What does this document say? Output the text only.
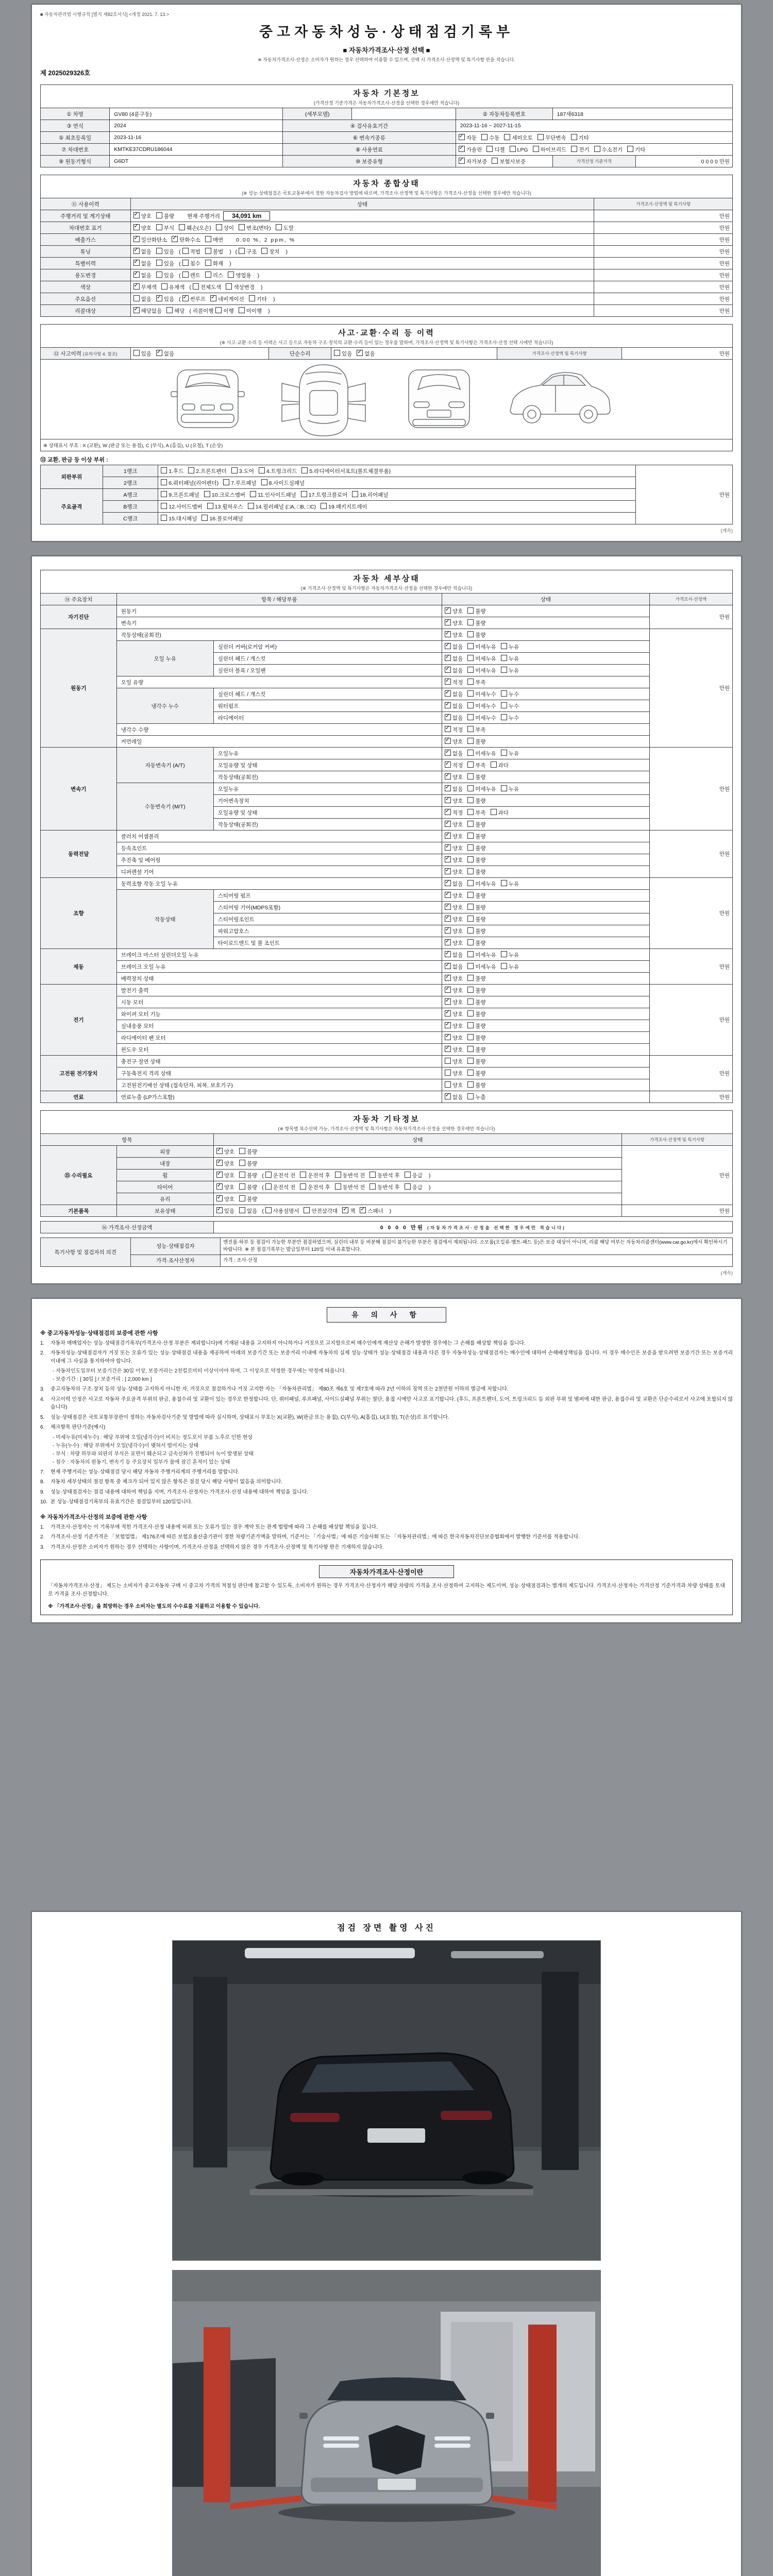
■ 자동차관리법 시행규칙 [별지 제82호서식] <개정 2021. 7. 13.>
중고자동차성능·상태점검기록부
■ 자동차가격조사·산정 선택 ■
※ 자동차가격조사·산정은 소비자가 원하는 경우 선택하여 이용할 수 있으며, 선택 시 가격조사·산정액 및 특기사항 란을 적습니다.
제 2025029326호
자동차 기본정보
(가격산정 기준가격은 자동차가격조사·산정을 선택한 경우에만 적습니다)
① 차명	GV80 (4륜구동)	(세부모델)		② 자동차등록번호	187새6318	
③ 연식	2024	④ 검사유효기간		2023-11-16 ~ 2027-11-15		
⑤ 최초등록일	2023-11-16	⑥ 변속기종류	✓자동 수동 세미오토 무단변속 기타
⑦ 차대번호	KMTKE37CDRU186044	⑧ 사용연료	✓가솔린 디젤 LPG 하이브리드 전기 수소전기 기타
⑨ 원동기형식	G6DT	⑩ 보증유형	✓자가보증 보험사보증	가격산정 기준가격	0 0 0 0 만원
자동차 종합상태
(※ 성능·상태점검은 국토교통부에서 정한 자동차검사 방법에 따르며, 가격조사·산정액 및 특기사항은 가격조사·산정을 선택한 경우에만 적습니다)
⑪ 사용이력	상태	가격조사·산정액 및 특기사항
주행거리 및 계기상태	✓양호 불량 현재 주행거리 34,091 km	만원
차대번호 표기	✓양호 부식 훼손(오손) 상이 변조(변타) 도말	만원
배출가스	✓일산화탄소 ✓ 탄화수소 매연 0.00 %, 2 ppm, %	만원
튜닝	✓없음 있음 ( 적법 불법 ) ( 구조 장치 )	만원
특별이력	✓없음 있음 ( 침수 화재 )	만원
용도변경	✓없음 있음 ( 렌트 리스 영업용 )	만원
색상	✓무채색 유채색 ( 전체도색 색상변경 )	만원
주요옵션	없음 ✓ 있음 ( ✓썬루프 ✓ 네비게이션 기타 )	만원
리콜대상	✓해당없음 해당 ( 리콜이행 이행 미이행 )	만원
사고·교환·수리 등 이력
(※ 사고·교환·수리 등 이력은 사고 등으로 자동차 구조·장치의 교환·수리 등이 있는 경우를 말하며, 가격조사·산정액 및 특기사항은 가격조사·산정 선택 시에만 적습니다)
⑫ 사고이력 (유의사항 4. 참조)	있음 ✓ 없음	단순수리	있음 ✓ 없음	가격조사·산정액 및 특기사항	만원

※ 상태표시 부호 : X (교환), W (판금 또는 용접), C (부식), A (흠집), U (요철), T (손상)
⑬ 교환, 판금 등 이상 부위 :
외판부위	1랭크	1.후드 2.프론트펜더 3.도어 4.트렁크리드 5.라디에이터서포트(볼트체결부품)	만원
	2랭크	6.쿼터패널(리어펜더) 7.루프패널 8.사이드실패널	
주요골격	A랭크	9.프론트패널 10.크로스멤버 11.인사이드패널 17.트렁크플로어 18.리어패널	
	B랭크	12.사이드멤버 13.휠하우스 14.필러패널 (□A, □B, □C) 19.패키지트레이	
	C랭크	15.대시패널 16.플로어패널	
(계속)
자동차 세부상태
(※ 가격조사·산정액 및 특기사항은 자동차가격조사·산정을 선택한 경우에만 적습니다)
⑭ 주요장치	항목 / 해당부품		상태	가격조사·산정액
자기진단	원동기	✓양호 불량	만원
	변속기	✓양호 불량
원동기	작동상태(공회전)	✓양호 불량	만원
	오일 누유	실린더 커버(로커암 커버)	✓없음 미세누유 누유
		실린더 헤드 / 개스킷	✓없음 미세누유 누유
		실린더 블록 / 오일팬	✓없음 미세누유 누유
	오일 유량	✓적정 부족
	냉각수 누수	실린더 헤드 / 개스킷	✓없음 미세누수 누수
		워터펌프	✓없음 미세누수 누수
		라디에이터	✓없음 미세누수 누수
	냉각수 수량	✓적정 부족
	커먼레일	✓양호 불량
변속기	자동변속기 (A/T)	오일누유	✓없음 미세누유 누유	만원
		오일유량 및 상태	✓적정 부족 과다
		작동상태(공회전)	✓양호 불량
	수동변속기 (M/T)	오일누유	✓없음 미세누유 누유
		기어변속장치	✓양호 불량
		오일유량 및 상태	✓적정 부족 과다
		작동상태(공회전)	✓양호 불량
동력전달	클러치 어셈블리	✓양호 불량	만원
	등속조인트	✓양호 불량
	추진축 및 베어링	✓양호 불량
	디퍼렌셜 기어	✓양호 불량
조향	동력조향 작동 오일 누유	✓없음 미세누유 누유	만원
	작동상태	스티어링 펌프	✓양호 불량
		스티어링 기어(MDPS포함)	✓양호 불량
		스티어링조인트	✓양호 불량
		파워고압호스	✓양호 불량
		타이로드엔드 및 볼 조인트	✓양호 불량
제동	브레이크 마스터 실린더오일 누유	✓없음 미세누유 누유	만원
	브레이크 오일 누유	✓없음 미세누유 누유
	배력장치 상태	✓양호 불량
전기	발전기 출력	✓양호 불량	만원
	시동 모터	✓양호 불량
	와이퍼 모터 기능	✓양호 불량
	실내송풍 모터	✓양호 불량
	라디에이터 팬 모터	✓양호 불량
	윈도우 모터	✓양호 불량
고전원 전기장치	충전구 절연 상태		양호 불량	만원
	구동축전지 격리 상태		양호 불량	
	고전원전기배선 상태 (접속단자, 피복, 보호기구)		양호 불량	
연료	연료누출 (LP가스포함)	✓없음 누출	만원
자동차 기타정보
(※ 항목별 복수선택 가능, 가격조사·산정액 및 특기사항은 자동차가격조사·산정을 선택한 경우에만 적습니다)
항목		상태	가격조사·산정액 및 특기사항
⑮ 수리필요	외장	✓양호 불량	만원
	내장	✓양호 불량
	휠	✓양호 불량 ( 운전석 전 운전석 후 동반석 전 동반석 후 응급 )
	타이어	✓양호 불량 ( 운전석 전 운전석 후 동반석 전 동반석 후 응급 )
	유리	✓양호 불량
기본품목	보유상태	✓있음 없음 ( 사용설명서 안전삼각대 ✓ 잭 ✓ 스패너 )	만원
⑯ 가격조사·산정금액	0 0 0 0 만원 (자동차가격조사·산정을 선택한 경우에만 적습니다)
특기사항 및 점검자의 의견	성능·상태점검자	엔진룸·하부 등 점검이 가능한 부분만 점검하였으며, 실린더 내부 등 비분해 점검이 불가능한 부분은 점검에서 제외됩니다. 소모품(오일류·벨트·패드 등)은 보증 대상이 아니며, 리콜 해당 여부는 자동차리콜센터(www.car.go.kr)에서 확인하시기 바랍니다. ※ 본 점검기록부는 발급일부터 120일 이내 유효합니다.
	가격·조사산정자	가격 : 조사·산정
(계속)
유 의 사 항
※ 중고자동차성능·상태점검의 보증에 관한 사항
1.	자동차 매매업자는 성능·상태점검기록부(가격조사·산정 부분은 제외합니다)에 기재된 내용을 고지하지 아니하거나 거짓으로 고지함으로써 매수인에게 재산상 손해가 발생한 경우에는 그 손해를 배상할 책임을 집니다.
2.	자동차성능·상태점검자가 거짓 또는 오류가 있는 성능·상태점검 내용을 제공하여 아래의 보증기간 또는 보증거리 이내에 자동차의 실제 성능·상태가 성능·상태점검 내용과 다른 경우 자동차성능·상태점검자는 매수인에 대하여 손해배상책임을 집니다. 이 경우 매수인은 보증을 받으려면 보증기간 또는 보증거리 이내에 그 사실을 통지하여야 합니다.
- 자동차인도일부터 보증기간은 30일 이상, 보증거리는 2천킬로미터 이상이어야 하며, 그 이상으로 약정한 경우에는 약정에 따릅니다.
- 보증기간 : [ 30일 ] / 보증거리 : [ 2,000 km ]
3.	중고자동차의 구조·장치 등의 성능·상태를 고지하지 아니한 자, 거짓으로 점검하거나 거짓 고지한 자는 「자동차관리법」 제80조 제6호 및 제7호에 따라 2년 이하의 징역 또는 2천만원 이하의 벌금에 처합니다.
4.	사고이력 인정은 사고로 자동차 주요골격 부위의 판금, 용접수리 및 교환이 있는 경우로 한정합니다. 단, 쿼터패널, 루프패널, 사이드실패널 부위는 절단, 용접 시에만 사고로 표기합니다. (후드, 프론트펜더, 도어, 트렁크리드 등 외판 부위 및 범퍼에 대한 판금, 용접수리 및 교환은 단순수리로서 사고에 포함되지 않습니다)
5.	성능·상태점검은 국토교통부장관이 정하는 자동차검사기준 및 방법에 따라 실시하며, 상태표시 부호는 X(교환), W(판금 또는 용접), C(부식), A(흠집), U(요철), T(손상)로 표기합니다.
6.	체크항목 판단기준(예시)
- 미세누유(미세누수) : 해당 부위에 오일(냉각수)이 비치는 정도로서 부품 노후로 인한 현상
- 누유(누수) : 해당 부위에서 오일(냉각수)이 맺혀서 떨어지는 상태
- 부식 : 차량 하부와 외판의 부식은 표면이 훼손되고 금속산화가 진행되어 녹이 발생된 상태
- 침수 : 자동차의 원동기, 변속기 등 주요장치 일부가 물에 잠긴 흔적이 있는 상태
7.	현재 주행거리는 성능·상태점검 당시 해당 자동차 주행거리계의 주행거리를 말합니다.
8.	자동차 세부상태의 점검 항목 중 체크가 되어 있지 않은 항목은 점검 당시 해당 사항이 없음을 의미합니다.
9.	성능·상태점검자는 점검 내용에 대하여 책임을 지며, 가격조사·산정자는 가격조사·산정 내용에 대하여 책임을 집니다.
10. 본 성능·상태점검기록부의 유효기간은 점검일부터 120일입니다.
※ 자동차가격조사·산정의 보증에 관한 사항
1.	가격조사·산정자는 이 기록부에 적힌 가격조사·산정 내용에 허위 또는 오류가 있는 경우 계약 또는 관계 법령에 따라 그 손해를 배상할 책임을 집니다.
2.	가격조사·산정 기준가격은 「보험업법」 제176조에 따른 보험요율산출기관이 정한 차량기준가액을 말하며, 기준서는 「기술사법」에 따른 기술사회 또는 「자동차관리법」에 따른 한국자동차진단보증협회에서 발행한 기준서를 적용합니다.
3.	가격조사·산정은 소비자가 원하는 경우 선택하는 사항이며, 가격조사·산정을 선택하지 않은 경우 가격조사·산정액 및 특기사항 란은 기재하지 않습니다.
자동차가격조사·산정이란
「자동차가격조사·산정」 제도는 소비자가 중고자동차 구매 시 중고차 가격의 적절성 판단에 참고할 수 있도록, 소비자가 원하는 경우 가격조사·산정자가 해당 차량의 가격을 조사·산정하여 고지하는 제도이며, 성능·상태점검과는 별개의 제도입니다. 가격조사·산정자는 가격산정 기준가격과 차량 상태를 토대로 가격을 조사·산정합니다.
※ 「가격조사·산정」을 희망하는 경우 소비자는 별도의 수수료를 지불하고 이용할 수 있습니다.
점검 장면 촬영 사진
